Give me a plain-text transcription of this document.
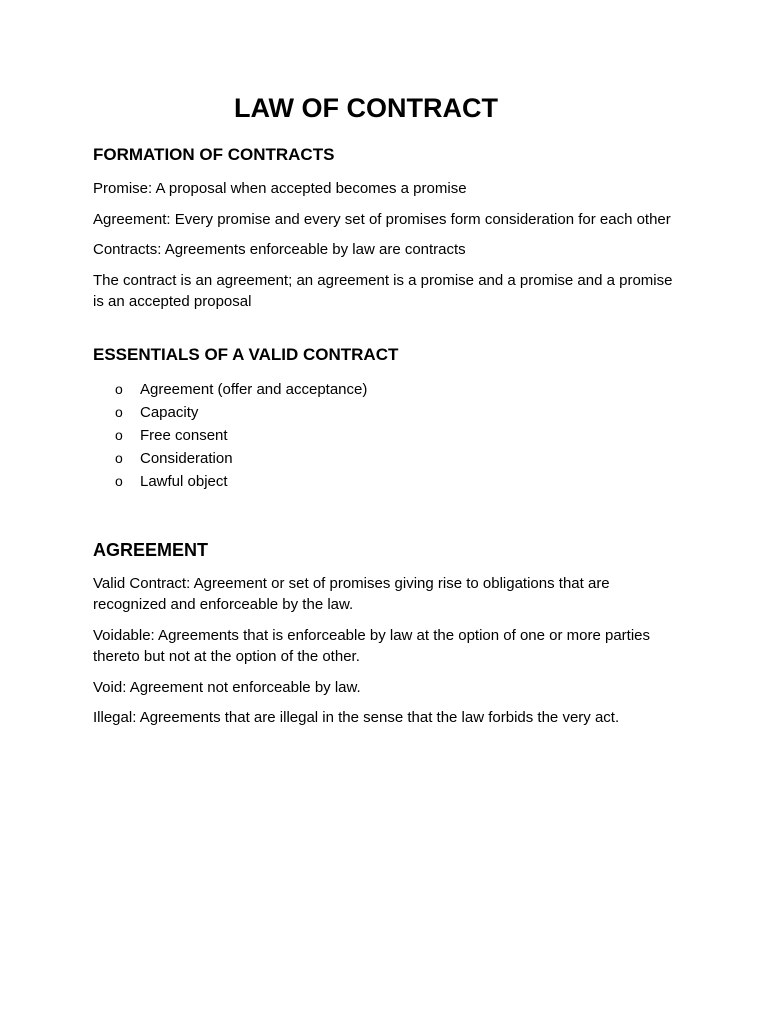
LAW OF CONTRACT
FORMATION OF CONTRACTS

Promise: A proposal when accepted becomes a promise

Agreement: Every promise and every set of promises form consideration for each other

Contracts: Agreements enforceable by law are contracts

The contract is an agreement; an agreement is a promise and a promise and a promise is an accepted proposal

ESSENTIALS OF A VALID CONTRACT
o Agreement (offer and acceptance)
o Capacity
o Free consent
o Consideration
o Lawful object
AGREEMENT

Valid Contract: Agreement or set of promises giving rise to obligations that are recognized and enforceable by the law.

Voidable: Agreements that is enforceable by law at the option of one or more parties thereto but not at the option of the other.

Void: Agreement not enforceable by law.

Illegal: Agreements that are illegal in the sense that the law forbids the very act.
